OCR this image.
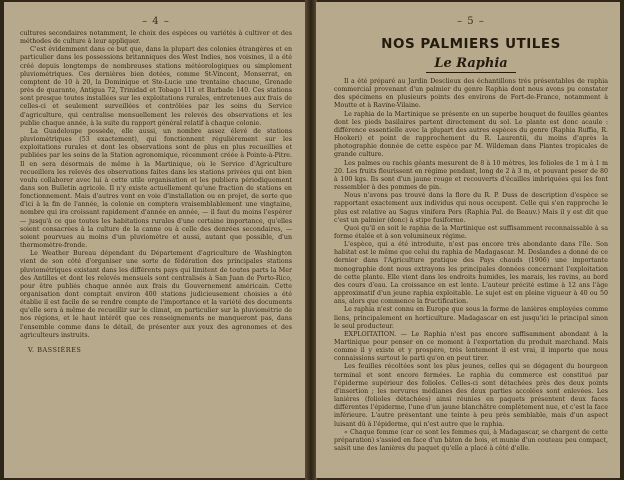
– 4 –

cultures secondaires notamment, le choix des espèces ou variétés à cultiver et des méthodes de culture à leur appliquer.

C'est évidemment dans ce but que, dans la plupart des colonies étrangères et en particulier dans les possessions britanniques des West Indies, nos voisines, il a été créé depuis longtemps de nombreuses stations météorologiques ou simplement pluviométriques. Ces dernières bien dotées, comme St-Vincent, Monserrat, en comptent de 10 à 20, la Dominique et Ste-Lucie une trentaine chacune, Grenade près de quarante, Antigua 72, Trinidad et Tobago 111 et Barbade 140. Ces stations sont presque toutes installées sur les exploitations rurales, entretenues aux frais de celles-ci et seulement surveillées et contrôlées par les soins du Service d'agriculture, qui centralise mensuellement les relevés des observations et les publie chaque année, à la suite du rapport général relatif à chaque colonie.

La Guadeloupe possède, elle aussi, un nombre assez élevé de stations pluviométriques (53 exactement), qui fonctionnent régulièrement sur les exploitations rurales et dont les observations sont de plus en plus recueillies et publiées par les soins de la Station agronomique, récemment créée à Pointe-à-Pitre. Il en sera désormais de même à la Martinique, où le Service d'Agriculture recueillera les relevés des observations faites dans les stations privées qui ont bien voulu collaborer avec lui à cette utile organisation et les publiera périodiquement dans son Bulletin agricole. Il n'y existe actuellement qu'une fraction de stations en fonctionnement. Mais d'autres vont en voie d'installation ou en projet, de sorte que d'ici à la fin de l'année, la colonie en comptera vraisemblablement une vingtaine, nombre qui ira croissant rapidement d'année en année, — il faut du moins l'espérer — jusqu'à ce que toutes les habitations rurales d'une certaine importance, qu'elles soient consacrées à la culture de la canne ou à celle des denrées secondaires, — soient pourvues au moins d'un pluviomètre et aussi, autant que possible, d'un thermomètre-fronde.

Le Weather Bureau dépendant du Département d'agriculture de Washington vient de son côté d'organiser une sorte de fédération des principales stations pluviométriques existant dans les différents pays qui limitent de toutes parts la Mer des Antilles et dont les relevés mensuels sont centralisés à San Juan de Porto-Rico, pour être publiés chaque année aux frais du Gouvernement américain. Cette organisation dont comptait environ 400 stations judicieusement choisies a été établie il est facile de se rendre compte de l'importance et la variété des documents qu'elle sera à même de recueillir sur le climat, en particulier sur la pluviométrie de nos régions, et le haut intérêt que ces renseignements ne manqueront pas, dans l'ensemble comme dans le détail, de présenter aux yeux des agronomes et des agriculteurs instruits.

V. BASSIÈRES
– 5 –
NOS PALMIERS UTILES
Le Raphia

Il a été préparé au Jardin Desclieux des échantillons très présentables de raphia commercial provenant d'un palmier du genre Raphia dont nous avons pu constater des spécimens en plusieurs points des environs de Fort-de-France, notamment à Moutte et à Ravine-Vilaine.

Le raphia de la Martinique se présente en un superbe bouquet de feuilles géantes dont les pieds basilaires partent directement du sol. Le plante est donc acaule : différence essentielle avec la plupart des autres espèces du genre (Raphia Ruffia, R. Hookeri) et point de rapprochement du R. Laurentii, du moins d'après la photographie donnée de cette espèce par M. Wildeman dans Plantes tropicales de grande culture.

Les palmes ou rachis géants mesurent de 8 à 10 mètres, les folioles de 1 m à 1 m 20. Les fruits fleurissent en régime pendant, long de 2 à 3 m, et pouvant peser de 80 à 100 kgs. Ils sont d'un jaune rouge et recouverts d'écailles imbriquées qui les font ressembler à des pommes de pin.

Nous n'avons pas trouvé dans la flore du R. P. Duss de description d'espèce se rapportant exactement aux individus qui nous occupent. Celle qui s'en rapproche le plus est relative au Sagus vinifera Pers (Raphia Pal. de Beauv.) Mais il y est dit que c'est un palmier (donc) à stipe fusiforme.

Quoi qu'il en soit le raphia de la Martinique est suffisamment reconnaissable à sa forme étalée et à son volumineux régime.

L'espèce, qui a été introduite, n'est pas encore très abondante dans l'île. Son habitat est le même que celui du raphia de Madagascar. M. Deslandes a donné de ce dernier dans l'Agriculture pratique des Pays chauds (1906) une importante monographie dont nous extrayons les principales données concernant l'exploitation de cette plante. Elle vient dans les endroits humides, les marais, les ravins, au bord des cours d'eau. La croissance en est lente. L'auteur précité estime à 12 ans l'âge approximatif d'un jeune raphia exploitable. Le sujet est en pleine vigueur à 40 ou 50 ans, alors que commence la fructification.

Le raphia n'est connu en Europe que sous la forme de lanières employées comme liens, principalement en horticulture. Madagascar en est jusqu'ici le principal sinon le seul producteur.

EXPLOITATION. — Le Raphia n'est pas encore suffisamment abondant à la Martinique pour penser en ce moment à l'exportation du produit marchand. Mais comme il y existe et y prospère, très lentement il est vrai, il importe que nous connaissions surtout le parti qu'on en peut tirer.

Les feuilles récoltées sont les plus jeunes, celles qui se dégagent du bourgeon terminal et sont encore fermées. Le raphia du commerce est constitué par l'épiderme supérieur des folioles. Celles-ci sont détachées près des deux points d'insertion ; les nervures médianes des deux parties accolées sont enlevées. Les lanières (folioles détachées) ainsi réunies en paquets présentent deux faces différentes l'épiderme, l'une d'un jaune blanchâtre complètement nue, et c'est la face inférieure. L'autre présentant une teinte à peu près semblable, mais d'un aspect luisant dû à l'épiderme, qui n'est autre que le raphia.

« Chaque femme (car ce sont les femmes qui, à Madagascar, se chargent de cette préparation) s'assied en face d'un bâton de bois, et munie d'un couteau peu compact, saisit une des lanières du paquet qu'elle a placé à côté d'elle.
